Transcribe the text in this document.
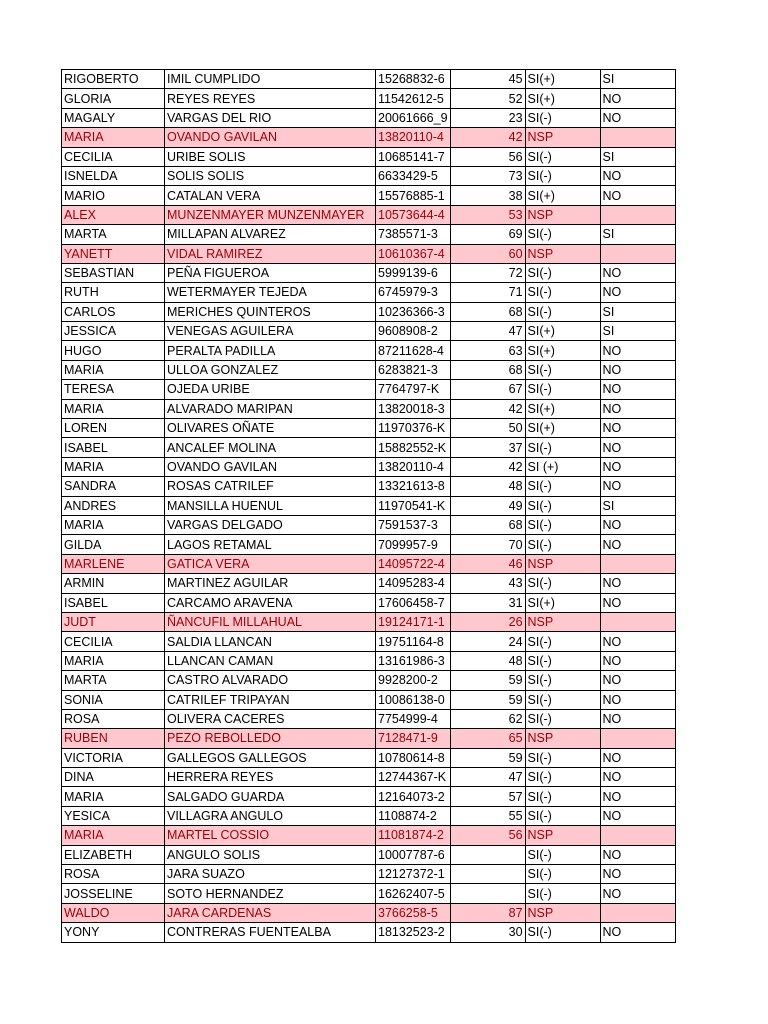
RIGOBERTO	IMIL CUMPLIDO	15268832-6	45	SI(+)	SI
GLORIA	REYES REYES	11542612-5	52	SI(+)	NO
MAGALY	VARGAS DEL RIO	20061666_9	23	SI(-)	NO
MARIA	OVANDO GAVILAN	13820110-4	42	NSP	
CECILIA	URIBE SOLIS	10685141-7	56	SI(-)	SI
ISNELDA	SOLIS SOLIS	6633429-5	73	SI(-)	NO
MARIO	CATALAN VERA	15576885-1	38	SI(+)	NO
ALEX	MUNZENMAYER MUNZENMAYER	10573644-4	53	NSP	
MARTA	MILLAPAN ALVAREZ	7385571-3	69	SI(-)	SI
YANETT	VIDAL RAMIREZ	10610367-4	60	NSP	
SEBASTIAN	PEÑA FIGUEROA	5999139-6	72	SI(-)	NO
RUTH	WETERMAYER TEJEDA	6745979-3	71	SI(-)	NO
CARLOS	MERICHES QUINTEROS	10236366-3	68	SI(-)	SI
JESSICA	VENEGAS AGUILERA	9608908-2	47	SI(+)	SI
HUGO	PERALTA PADILLA	87211628-4	63	SI(+)	NO
MARIA	ULLOA GONZALEZ	6283821-3	68	SI(-)	NO
TERESA	OJEDA URIBE	7764797-K	67	SI(-)	NO
MARIA	ALVARADO MARIPAN	13820018-3	42	SI(+)	NO
LOREN	OLIVARES OÑATE	11970376-K	50	SI(+)	NO
ISABEL	ANCALEF MOLINA	15882552-K	37	SI(-)	NO
MARIA	OVANDO GAVILAN	13820110-4	42	SI (+)	NO
SANDRA	ROSAS CATRILEF	13321613-8	48	SI(-)	NO
ANDRES	MANSILLA HUENUL	11970541-K	49	SI(-)	SI
MARIA	VARGAS DELGADO	7591537-3	68	SI(-)	NO
GILDA	LAGOS RETAMAL	7099957-9	70	SI(-)	NO
MARLENE	GATICA VERA	14095722-4	46	NSP	
ARMIN	MARTINEZ AGUILAR	14095283-4	43	SI(-)	NO
ISABEL	CARCAMO ARAVENA	17606458-7	31	SI(+)	NO
JUDT	ÑANCUFIL MILLAHUAL	19124171-1	26	NSP	
CECILIA	SALDIA LLANCAN	19751164-8	24	SI(-)	NO
MARIA	LLANCAN CAMAN	13161986-3	48	SI(-)	NO
MARTA	CASTRO ALVARADO	9928200-2	59	SI(-)	NO
SONIA	CATRILEF TRIPAYAN	10086138-0	59	SI(-)	NO
ROSA	OLIVERA CACERES	7754999-4	62	SI(-)	NO
RUBEN	PEZO REBOLLEDO	7128471-9	65	NSP	
VICTORIA	GALLEGOS GALLEGOS	10780614-8	59	SI(-)	NO
DINA	HERRERA REYES	12744367-K	47	SI(-)	NO
MARIA	SALGADO GUARDA	12164073-2	57	SI(-)	NO
YESICA	VILLAGRA ANGULO	1108874-2	55	SI(-)	NO
MARIA	MARTEL COSSIO	11081874-2	56	NSP	
ELIZABETH	ANGULO SOLIS	10007787-6		SI(-)	NO
ROSA	JARA SUAZO	12127372-1		SI(-)	NO
JOSSELINE	SOTO HERNANDEZ	16262407-5		SI(-)	NO
WALDO	JARA CARDENAS	3766258-5	87	NSP	
YONY	CONTRERAS FUENTEALBA	18132523-2	30	SI(-)	NO
